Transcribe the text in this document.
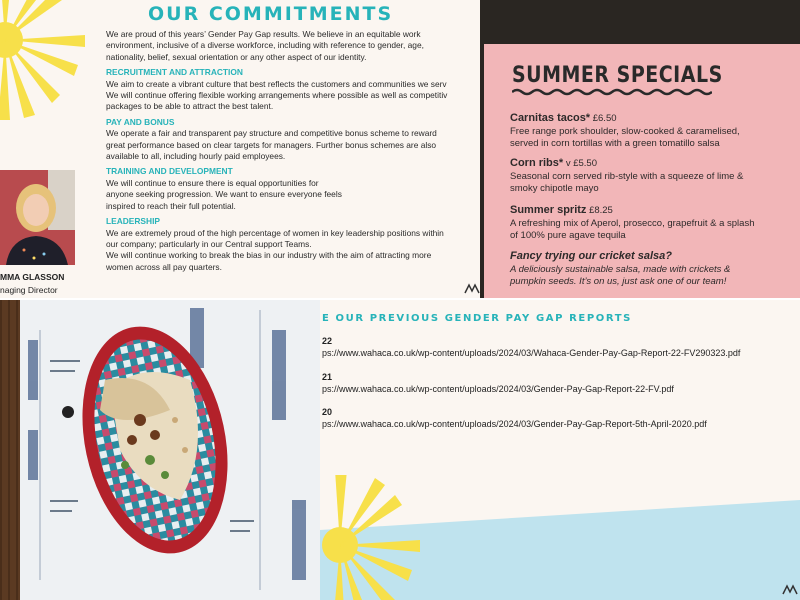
OUR COMMITMENTS

We are proud of this years’ Gender Pay Gap results. We believe in an equitable work

environment, inclusive of a diverse workforce, including with reference to gender, age,

nationality, belief, sexual orientation or any other aspect of our identity.

RECRUITMENT AND ATTRACTION

We aim to create a vibrant culture that best reflects the customers and communities we serv

We will continue offering flexible working arrangements where possible as well as competitiv

packages to be able to attract the best talent.

PAY AND BONUS

We operate a fair and transparent pay structure and competitive bonus scheme to reward

great performance based on clear targets for managers. Further bonus schemes are also

available to all, including hourly paid employees.

TRAINING AND DEVELOPMENT

We will continue to ensure there is equal opportunities for

anyone seeking progression. We want to ensure everyone feels

inspired to reach their full potential.

LEADERSHIP

We are extremely proud of the high percentage of women in key leadership positions within

our company; particularly in our Central support Teams.

We will continue working to break the bias in our industry with the aim of attracting more

women across all pay quarters.

MMA GLASSON
naging Director
SUMMER SPECIALS
Carnitas tacos* £6.50
Free range pork shoulder, slow-cooked & caramelised,
served in corn tortillas with a green tomatillo salsa
Corn ribs* v £5.50
Seasonal corn served rib-style with a squeeze of lime &
smoky chipotle mayo
Summer spritz £8.25
A refreshing mix of Aperol, prosecco, grapefruit & a splash
of 100% pure agave tequila
Fancy trying our cricket salsa?
A deliciously sustainable salsa, made with crickets &
pumpkin seeds. It’s on us, just ask one of our team!
E OUR PREVIOUS GENDER PAY GAP REPORTS
22
ps://www.wahaca.co.uk/wp-content/uploads/2024/03/Wahaca-Gender-Pay-Gap-Report-22-FV290323.pdf
21
ps://www.wahaca.co.uk/wp-content/uploads/2024/03/Gender-Pay-Gap-Report-22-FV.pdf
20
ps://www.wahaca.co.uk/wp-content/uploads/2024/03/Gender-Pay-Gap-Report-5th-April-2020.pdf
